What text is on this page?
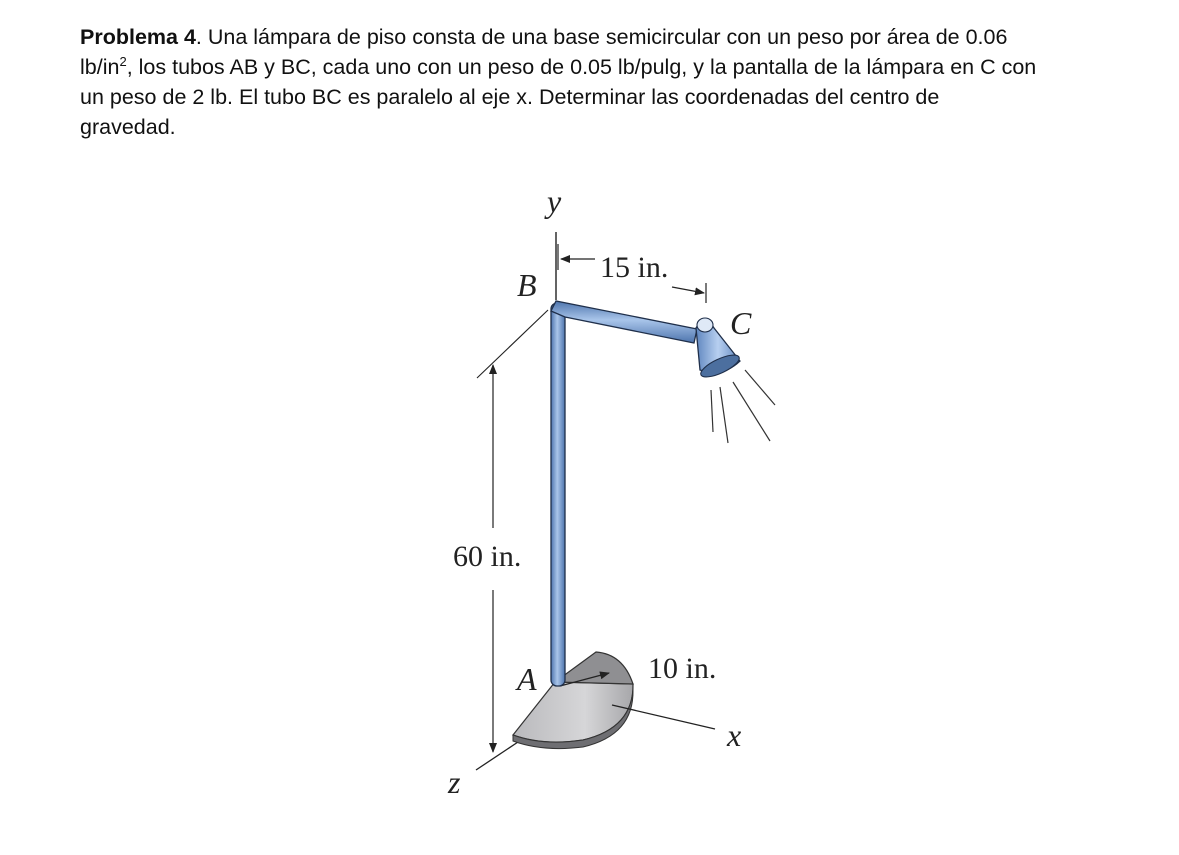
Problema 4. Una lámpara de piso consta de una base semicircular con un peso por área de 0.06
$lb/in^2$, los tubos AB y BC, cada uno con un peso de 0.05 lb/pulg, y la pantalla de la lámpara en C con
un peso de 2 lb. El tubo BC es paralelo al eje x. Determinar las coordenadas del centro de
gravedad.

y
15 in.
B
C
A
60 in.
z
x
10 in.
